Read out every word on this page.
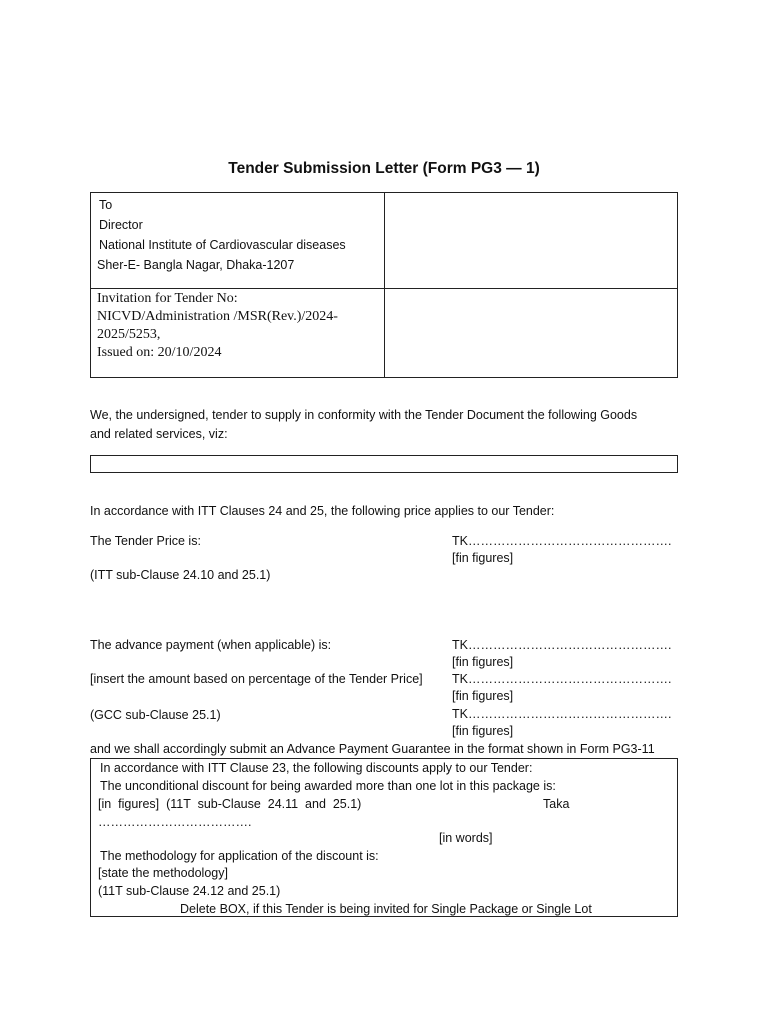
Tender Submission Letter (Form PG3 — 1)
To
Director
National Institute of Cardiovascular diseases
Sher-E- Bangla Nagar, Dhaka-1207
Invitation for Tender No:
NICVD/Administration /MSR(Rev.)/2024-
2025/5253,
Issued on: 20/10/2024
We, the undersigned, tender to supply in conformity with the Tender Document the following Goods
and related services, viz:
In accordance with ITT Clauses 24 and 25, the following price applies to our Tender:
The Tender Price is:
(ITT sub-Clause 24.10 and 25.1)
TK………………………………………….
[fin figures]
The advance payment (when applicable) is:
[insert the amount based on percentage of the Tender Price]
(GCC sub-Clause 25.1)
TK………………………………………….
[fin figures]
TK………………………………………….
[fin figures]
TK………………………………………….
[fin figures]
and we shall accordingly submit an Advance Payment Guarantee in the format shown in Form PG3-11
In accordance with ITT Clause 23, the following discounts apply to our Tender:
The unconditional discount for being awarded more than one lot in this package is:
[in  figures]  (11T  sub-Clause  24.11  and  25.1)	Taka
……………………………….
[in words]
The methodology for application of the discount is:
[state the methodology]
(11T sub-Clause 24.12 and 25.1)
Delete BOX, if this Tender is being invited for Single Package or Single Lot
